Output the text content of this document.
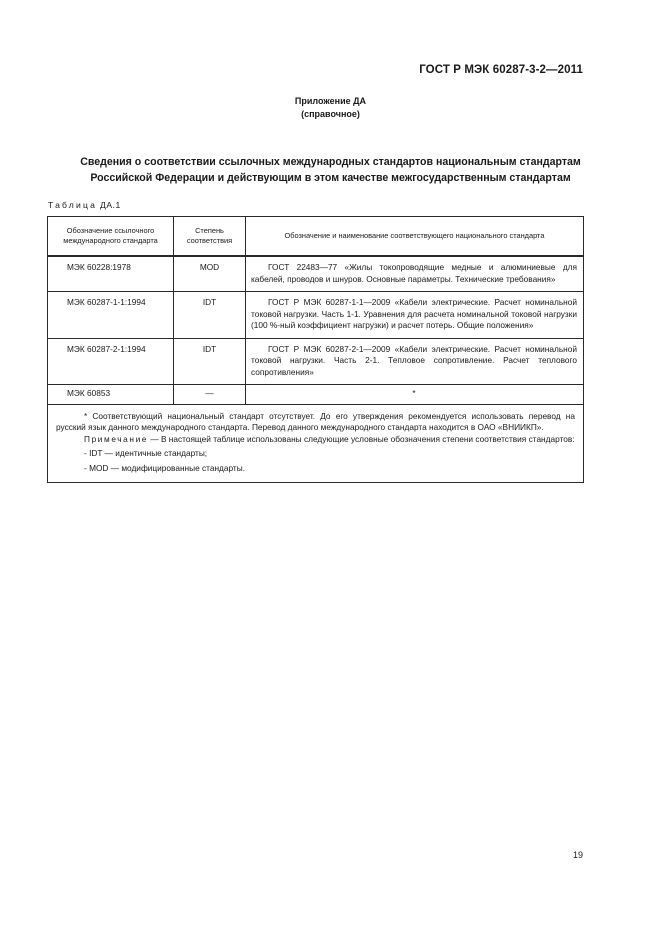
ГОСТ Р МЭК 60287-3-2—2011
Приложение ДА
(справочное)
Сведения о соответствии ссылочных международных стандартов национальным стандартам
Российской Федерации и действующим в этом качестве межгосударственным стандартам
Таблица ДА.1
Обозначение ссылочного международного стандарта	Степень соответствия	Обозначение и наименование соответствующего национального стандарта
МЭК 60228:1978	MOD	ГОСТ 22483—77 «Жилы токопроводящие медные и алюминиевые для кабелей, проводов и шнуров. Основные параметры. Технические требования»
МЭК 60287-1-1:1994	IDT	ГОСТ Р МЭК 60287-1-1—2009 «Кабели электрические. Расчет номинальной токовой нагрузки. Часть 1-1. Уравнения для расчета номинальной токовой нагрузки (100 %-ный коэффициент нагрузки) и расчет потерь. Общие положения»
МЭК 60287-2-1:1994	IDT	ГОСТ Р МЭК 60287-2-1—2009 «Кабели электрические. Расчет номинальной токовой нагрузки. Часть 2-1. Тепловое сопротивление. Расчет теплового сопротивления»
МЭК 60853	—	*

* Соответствующий национальный стандарт отсутствует. До его утверждения рекомендуется использовать перевод на русский язык данного международного стандарта. Перевод данного международного стандарта находится в ОАО «ВНИИКП».

Примечание — В настоящей таблице использованы следующие условные обозначения степени соответствия стандартов:

- IDT — идентичные стандарты;

- MOD — модифицированные стандарты.		

19
